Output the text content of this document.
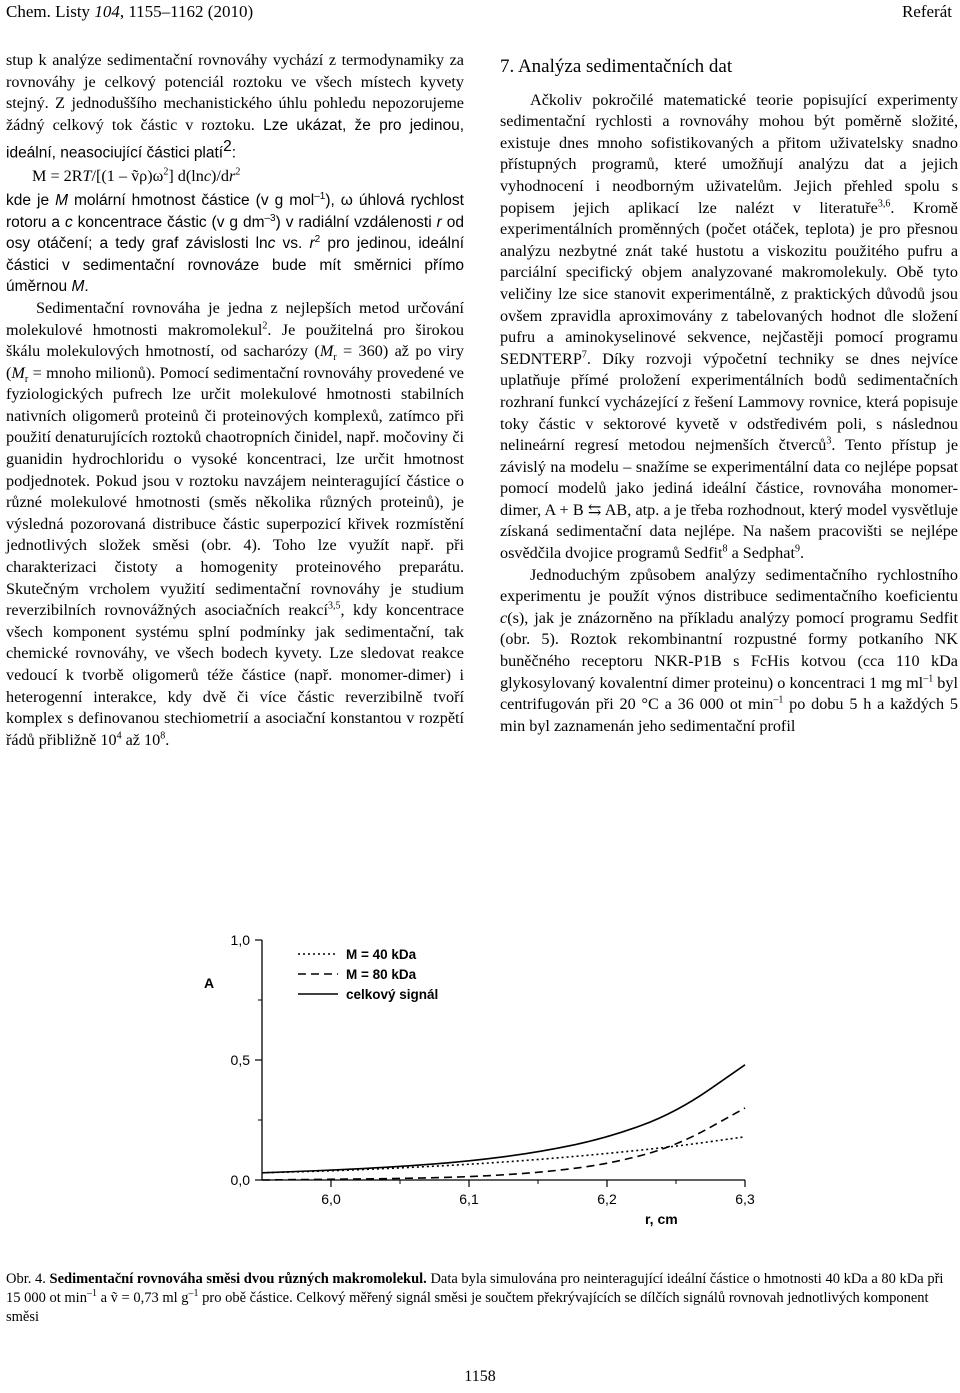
Chem. Listy 104, 1155–1162 (2010)	Referát

stup k analýze sedimentační rovnováhy vychází z termodynamiky za rovnováhy je celkový potenciál roztoku ve všech místech kyvety stejný. Z jednoduššího mechanistického úhlu pohledu nepozorujeme žádný celkový tok částic v roztoku. Lze ukázat, že pro jedinou, ideální, neasociující částici platí$^2$:

$M = 2RT/[(1 - ṽ\rho)\omega^2]$ $d(\ln c)/dr^2$

kde je M molární hmotnost částice (v g mol$^{-1}$), ω úhlová rychlost rotoru a c koncentrace částic (v g $dm^{-3}$) v radiální vzdálenosti r od osy otáčení; a tedy graf závislosti lnc vs. $r^2$ pro jedinou, ideální částici v sedimentační rovnováze bude mít směrnici přímo úměrnou M.

Sedimentační rovnováha je jedna z nejlepších metod určování molekulové hmotnosti makromolekul$^2$. Je použitelná pro širokou škálu molekulových hmotností, od sacharózy $(M_r = 360)$ až po viry ($M_r$ = mnoho milionů). Pomocí sedimentační rovnováhy provedené ve fyziologických pufrech lze určit molekulové hmotnosti stabilních nativních oligomerů proteinů či proteinových komplexů, zatímco při použití denaturujících roztoků chaotropních činidel, např. močoviny či guanidin hydrochloridu o vysoké koncentraci, lze určit hmotnost podjednotek. Pokud jsou v roztoku navzájem neinteragující částice o různé molekulové hmotnosti (směs několika různých proteinů), je výsledná pozorovaná distribuce částic superpozicí křivek rozmístění jednotlivých složek směsi (obr. 4). Toho lze využít např. při charakterizaci čistoty a homogenity proteinového preparátu. Skutečným vrcholem využití sedimentační rovnováhy je studium reverzibilních rovnovážných asociačních reakcí$^{3,5}$, kdy koncentrace všech komponent systému splní podmínky jak sedimentační, tak chemické rovnováhy, ve všech bodech kyvety. Lze sledovat reakce vedoucí k tvorbě oligomerů téže částice (např. monomer-dimer) i heterogenní interakce, kdy dvě či více částic reverzibilně tvoří komplex s definovanou stechiometrií a asociační konstantou v rozpětí řádů přibližně $10^4$ až $10^8$.

7. Analýza sedimentačních dat

Ačkoliv pokročilé matematické teorie popisující experimenty sedimentační rychlosti a rovnováhy mohou být poměrně složité, existuje dnes mnoho sofistikovaných a přitom uživatelsky snadno přístupných programů, které umožňují analýzu dat a jejich vyhodnocení i neodborným uživatelům. Jejich přehled spolu s popisem jejich aplikací lze nalézt v literatuře$^{3,6}$. Kromě experimentálních proměnných (počet otáček, teplota) je pro přesnou analýzu nezbytné znát také hustotu a viskozitu použitého pufru a parciální specifický objem analyzované makromolekuly. Obě tyto veličiny lze sice stanovit experimentálně, z praktických důvodů jsou ovšem zpravidla aproximovány z tabelovaných hodnot dle složení pufru a aminokyselinové sekvence, nejčastěji pomocí programu SEDNTERP$^7$. Díky rozvoji výpočetní techniky se dnes nejvíce uplatňuje přímé proložení experimentálních bodů sedimentačních rozhraní funkcí vycházející z řešení Lammovy rovnice, která popisuje toky částic v sektorové kyvetě v odstředivém poli, s následnou nelineární regresí metodou nejmenších čtverců$^3$. Tento přístup je závislý na modelu – snažíme se experimentální data co nejlépe popsat pomocí modelů jako jediná ideální částice, rovnováha monomer-dimer, A + B ⇆ AB, atp. a je třeba rozhodnout, který model vysvětluje získaná sedimentační data nejlépe. Na našem pracovišti se nejlépe osvědčila dvojice programů Sedfit$^8$ a Sedphat$^9$.

Jednoduchým způsobem analýzy sedimentačního rychlostního experimentu je použít výnos distribuce sedimentačního koeficientu c(s), jak je znázorněno na příkladu analýzy pomocí programu Sedfit (obr. 5). Roztok rekombinantní rozpustné formy potkaního NK buněčného receptoru NKR-P1B s FcHis kotvou (cca 110 kDa glykosylovaný kovalentní dimer proteinu) o koncentraci 1 mg $ml^{-1}$ byl centrifugován při 20 °C a 36 000 ot $\min^{-1}$ po dobu 5 h a každých 5 min byl zaznamenán jeho sedimentační profil

0,0
0,5
1,0
6,0	6,1	6,2	6,3
A
r, cm
M = 40 kDa
M = 80 kDa
celkový signál
Obr. 4. Sedimentační rovnováha směsi dvou různých makromolekul. Data byla simulována pro neinteragující ideální částice o hmotnosti 40 kDa a 80 kDa při 15 000 ot $\min^{-1} a$ ṽ = 0,73 ml $g^{-1}$ pro obě částice. Celkový měřený signál směsi je součtem překrývajících se dílčích signálů rovnovah jednotlivých komponent směsi
1158
